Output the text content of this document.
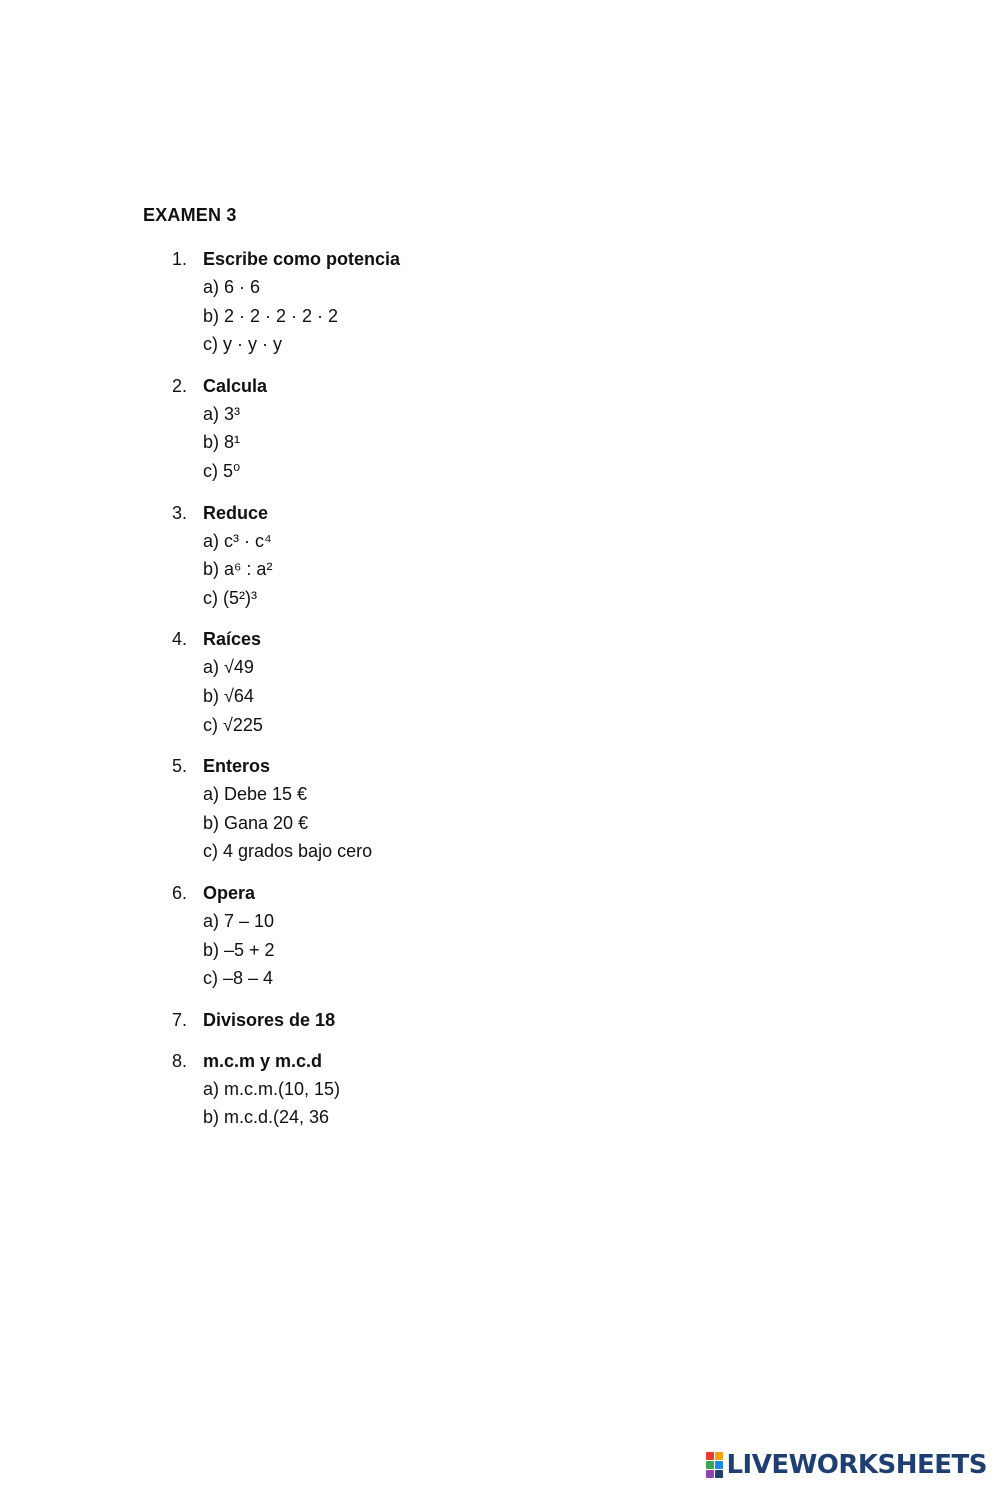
EXAMEN 3
1. Escribe como potencia
a) 6 · 6
b) 2 · 2 · 2 · 2 · 2
c) y · y · y
2. Calcula
a) 3³
b) 8¹
c) 5⁰
3. Reduce
a) c³ · c⁴
b) a⁶ : a²
c) (5²)³
4. Raíces
a) √49
b) √64
c) √225
5. Enteros
a) Debe 15 €
b) Gana 20 €
c) 4 grados bajo cero
6. Opera
a) 7 – 10
b) –5 + 2
c) –8 – 4
7. Divisores de 18
8. m.c.m y m.c.d
a) m.c.m.(10, 15)
b) m.c.d.(24, 36
LIVEWORKSHEETS
